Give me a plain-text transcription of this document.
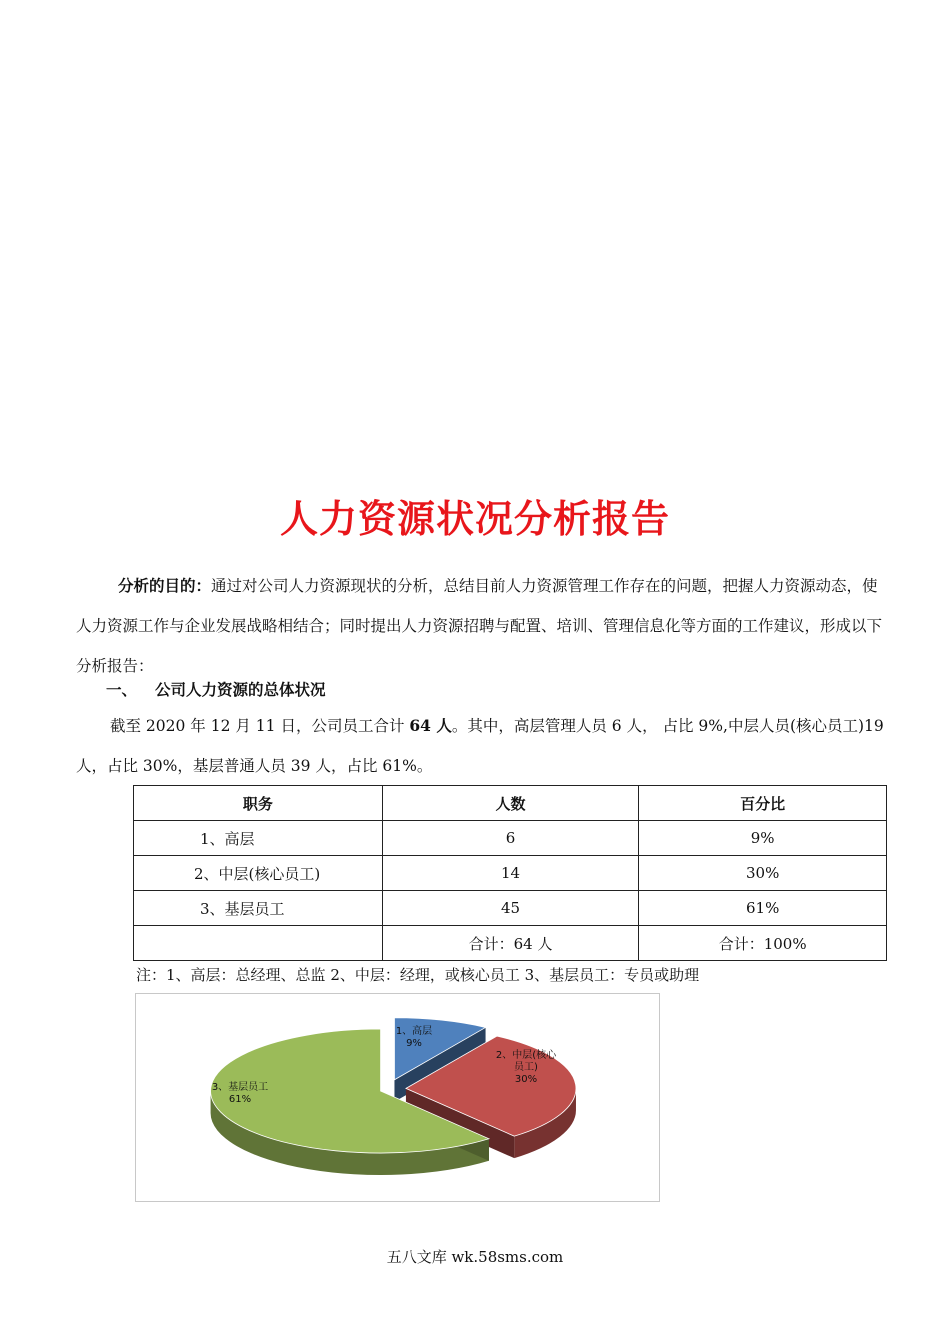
人力资源状况分析报告
分析的目的：通过对公司人力资源现状的分析，总结目前人力资源管理工作存在的问题，把握人力资源动态，使人力资源工作与企业发展战略相结合；同时提出人力资源招聘与配置、培训、管理信息化等方面的工作建议，形成以下分析报告：
一、 公司人力资源的总体状况
截至 2020 年 12 月 11 日，公司员工合计 64 人。其中，高层管理人员 6 人， 占比 9%,中层人员(核心员工)19 人，占比 30%，基层普通人员 39 人，占比 61%。
职务	人数	百分比
1、高层	6	9%
2、中层(核心员工)	14	30%
3、基层员工	45	61%
	合计：64 人	合计：100%
注：1、高层：总经理、总监 2、中层：经理，或核心员工 3、基层员工：专员或助理
1、高层
9%
2、中层(核心
员工)
30%
3、基层员工
61%
五八文库 wk.58sms.com
